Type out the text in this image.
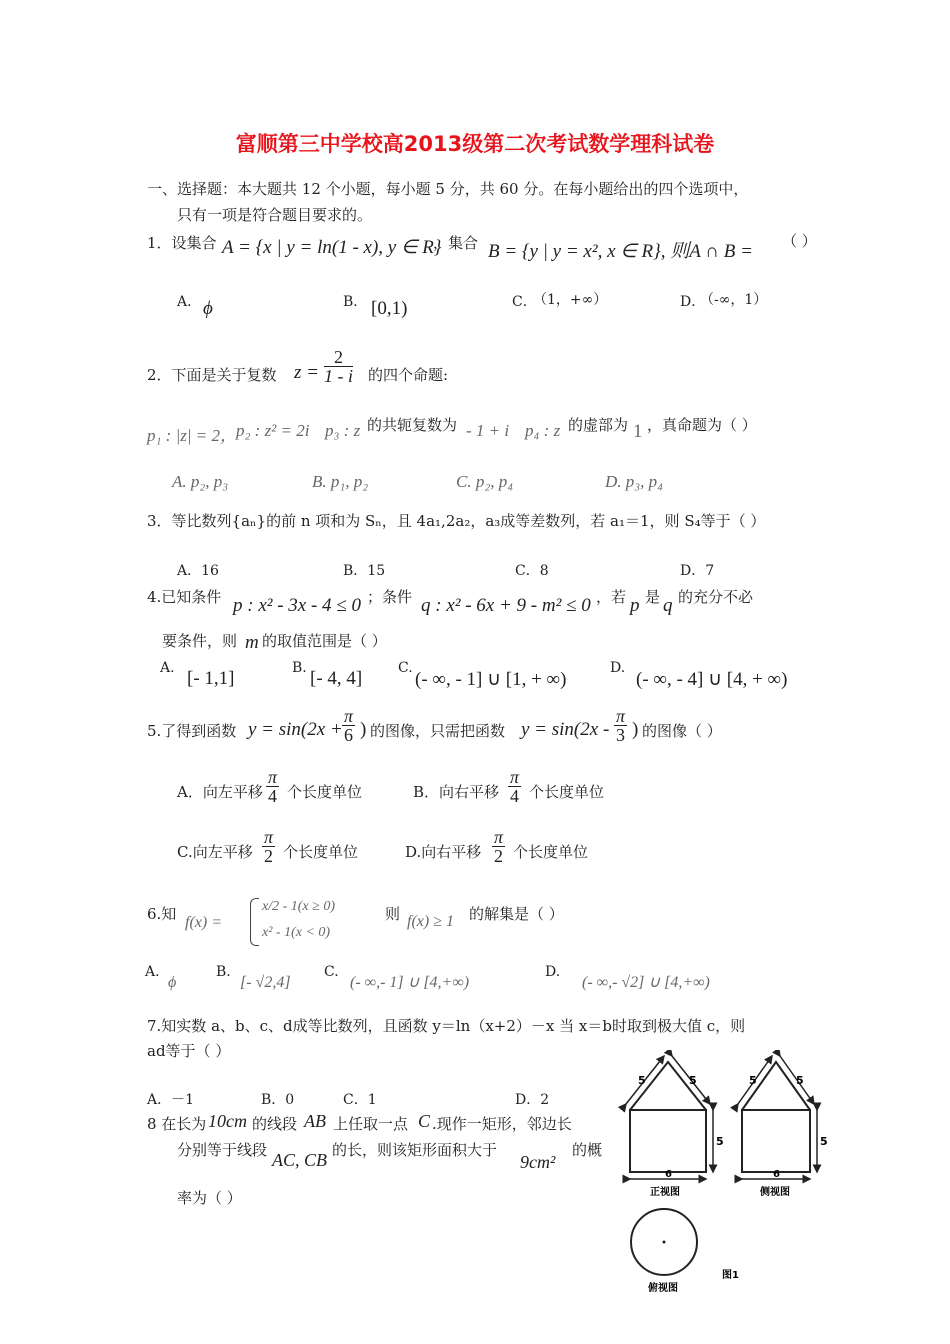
富顺第三中学校高2013级第二次考试数学理科试卷
一、选择题：本大题共 12 个小题，每小题 5 分，共 60 分。在每小题给出的四个选项中，
只有一项是符合题目要求的。
1．设集合 A = {x | y = ln(1 - x), y ∈ R}
，集合 B = {y | y = x², x ∈ R}, 则A ∩ B = （ ）
A． ϕ	B． [0,1)	C．
（1，+∞）	D．
（-∞，1）
2．下面是关于复数 $z = \frac{2}{1 - i}$ 的四个命题:
p₁ : |z| = 2，
p₂ : z² = 2i p₃ : z 的共轭复数为 - 1 + i p₄ : z 的虚部为 1 ，真命题为（ ）
A. p₂, p₃	B. p₁, p₂	C. p₂, p₄	D. p₃, p₄
3．等比数列{aₙ}的前 n 项和为 Sₙ，且 4a₁,2a₂，a₃成等差数列，若 a₁＝1，则 S₄等于（ ）
A．16	B．15	C．8	D．7
4.已知条件 p : x² - 3x - 4 ≤ 0 ；条件 q : x² - 6x + 9 - m² ≤ 0 ，若 p 是 q 的充分不必
要条件，则 m 的取值范围是（ ）
A. [- 1,1]	B. [- 4, 4]	C.
(- ∞, - 1] ∪ [1, + ∞)
D.
(- ∞, - 4] ∪ [4, + ∞)
5.了得到函数 $y = \sin(2x + \frac{\pi}{6}$ ) 的图像，只需把函数 $y = \sin(2x - \frac{\pi}{3}$ ) 的图像（ ）
A．向左平移 $\frac{\pi}{4}$ 个长度单位	B．向右平移 $\frac{\pi}{4}$ 个长度单位
C.向左平移 $\frac{\pi}{2}$ 个长度单位	D.向右平移 $\frac{\pi}{2}$ 个长度单位
6.知 f(x) =
x/2 - 1(x ≥ 0)
x² - 1(x < 0)
则 f(x) ≥ 1 的解集是（ ）
A.
ϕ
B.
[- √2,4]
C.
(- ∞,- 1] ∪ [4,+∞)
D.
(- ∞,- √2] ∪ [4,+∞)
7.知实数 a、b、c、d成等比数列，且函数 y＝ln（x+2）－x 当 x＝b时取到极大值 c，则
ad等于（ ）
A．－1	B．0	C．1	D．2
8 在长为 10cm 的线段 AB 上任取一点 C .现作一矩形，邻边长
分别等于线段 AC, CB 的长，则该矩形面积大于
9cm²
的概
率为（ ）
5	5
5
6
正视图
5	5
5
6
侧视图
俯视图
图1
